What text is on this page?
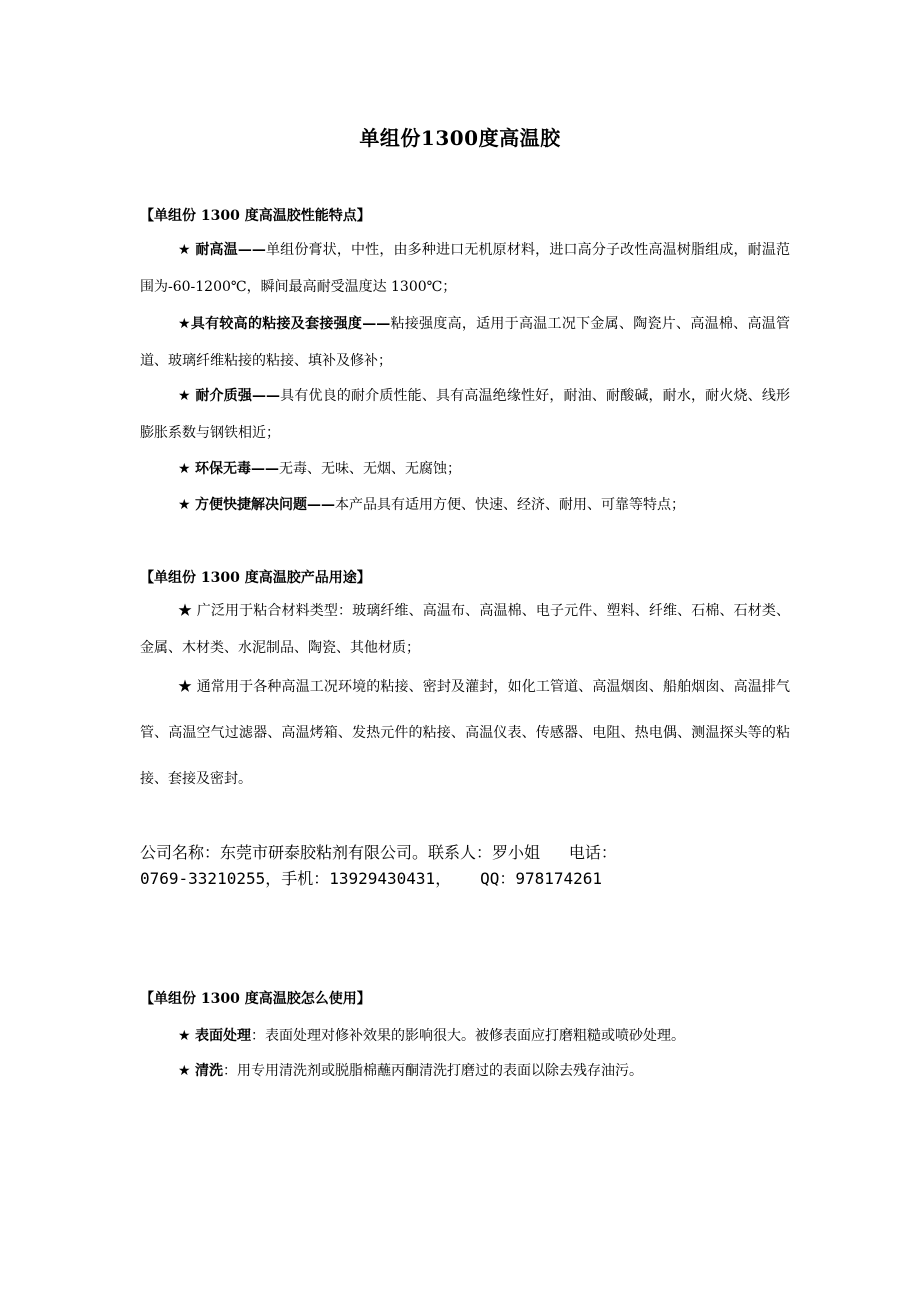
单组份1300度高温胶
【单组份 1300 度高温胶性能特点】

★ 耐高温——单组份膏状，中性，由多种进口无机原材料，进口高分子改性高温树脂组成，耐温范围为-60-1200℃，瞬间最高耐受温度达 1300℃；

★具有较高的粘接及套接强度——粘接强度高，适用于高温工况下金属、陶瓷片、高温棉、高温管道、玻璃纤维粘接的粘接、填补及修补；

★ 耐介质强——具有优良的耐介质性能、具有高温绝缘性好，耐油、耐酸碱，耐水，耐火烧、线形膨胀系数与钢铁相近；

★ 环保无毒——无毒、无味、无烟、无腐蚀；

★ 方便快捷解决问题——本产品具有适用方便、快速、经济、耐用、可靠等特点；

【单组份 1300 度高温胶产品用途】

★ 广泛用于粘合材料类型：玻璃纤维、高温布、高温棉、电子元件、塑料、纤维、石棉、石材类、金属、木材类、水泥制品、陶瓷、其他材质；

★ 通常用于各种高温工况环境的粘接、密封及灌封，如化工管道、高温烟囱、船舶烟囱、高温排气管、高温空气过滤器、高温烤箱、发热元件的粘接、高温仪表、传感器、电阻、热电偶、测温探头等的粘接、套接及密封。

公司名称：东莞市研泰胶粘剂有限公司。联系人：罗小姐   电话：
0769-33210255，手机：13929430431，   QQ：978174261
【单组份 1300 度高温胶怎么使用】

★ 表面处理：表面处理对修补效果的影响很大。被修表面应打磨粗糙或喷砂处理。

★ 清洗：用专用清洗剂或脱脂棉蘸丙酮清洗打磨过的表面以除去残存油污。
